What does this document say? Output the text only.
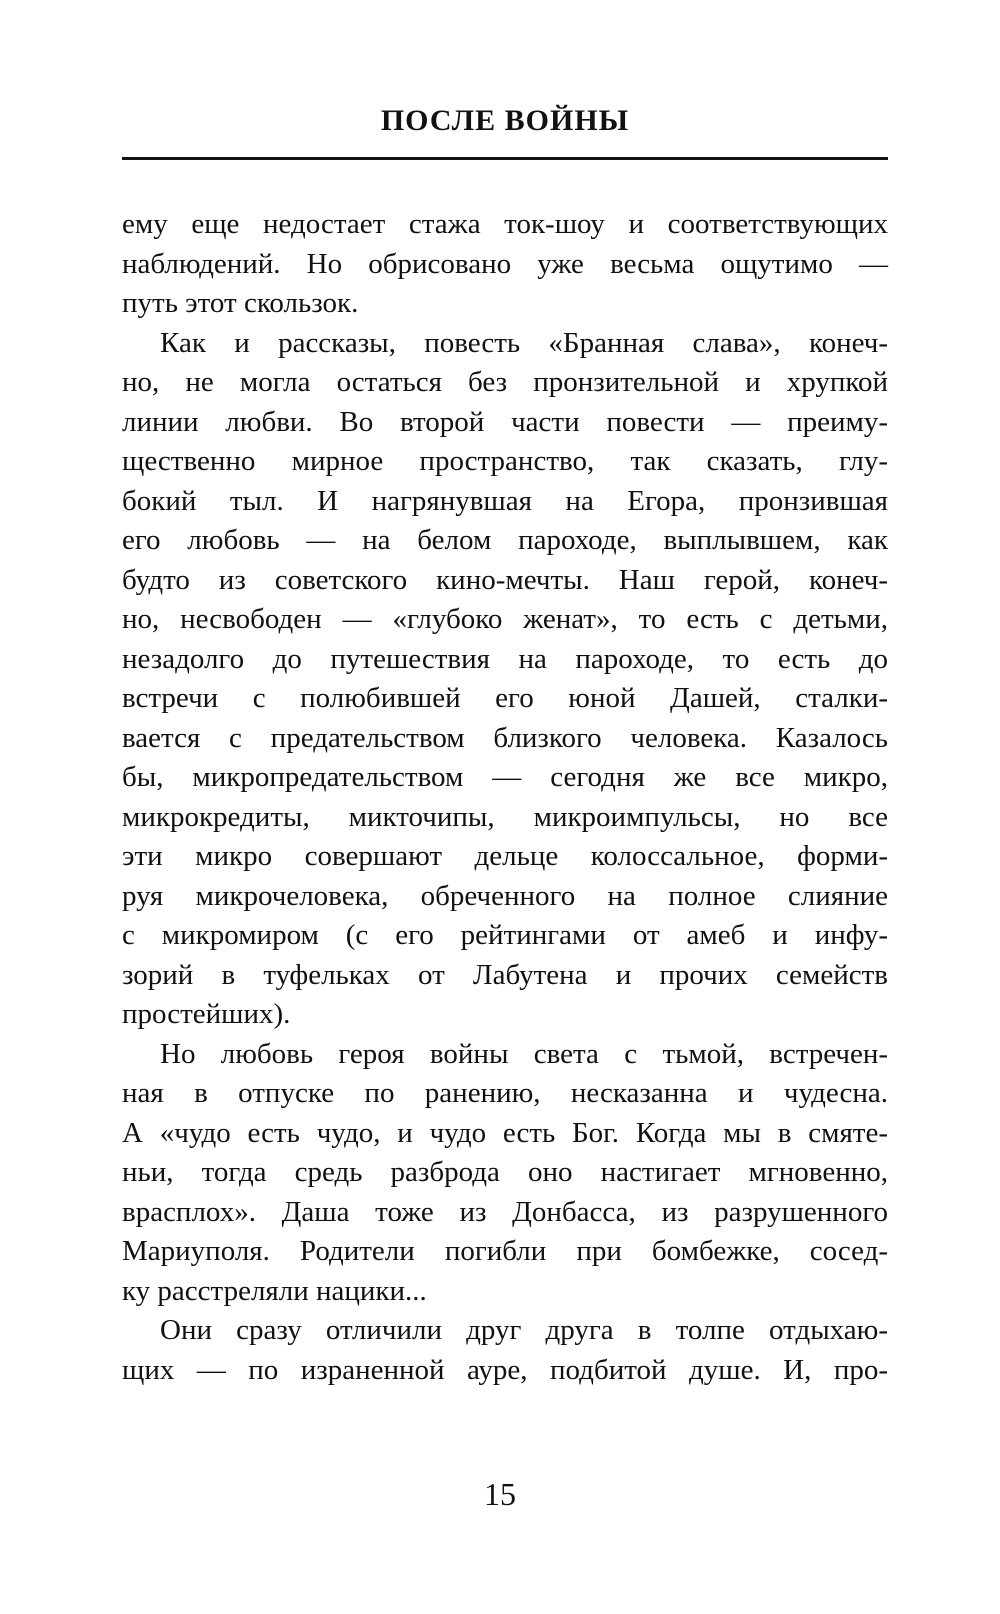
ПОСЛЕ ВОЙНЫ
ему еще недостает стажа ток-шоу и соответствующих
наблюдений. Но обрисовано уже весьма ощутимо —
путь этот скользок.
Как и рассказы, повесть «Бранная слава», конеч-
но, не могла остаться без пронзительной и хрупкой
линии любви. Во второй части повести — преиму-
щественно мирное пространство, так сказать, глу-
бокий тыл. И нагрянувшая на Егора, пронзившая
его любовь — на белом пароходе, выплывшем, как
будто из советского кино-мечты. Наш герой, конеч-
но, несвободен — «глубоко женат», то есть с детьми,
незадолго до путешествия на пароходе, то есть до
встречи с полюбившей его юной Дашей, сталки-
вается с предательством близкого человека. Казалось
бы, микропредательством — сегодня же все микро,
микрокредиты, микточипы, микроимпульсы, но все
эти микро совершают дельце колоссальное, форми-
руя микрочеловека, обреченного на полное слияние
с микромиром (с его рейтингами от амеб и инфу-
зорий в туфельках от Лабутена и прочих семейств
простейших).
Но любовь героя войны света с тьмой, встречен-
ная в отпуске по ранению, несказанна и чудесна.
А «чудо есть чудо, и чудо есть Бог. Когда мы в смяте-
ньи, тогда средь разброда оно настигает мгновенно,
врасплох». Даша тоже из Донбасса, из разрушенного
Мариуполя. Родители погибли при бомбежке, сосед-
ку расстреляли нацики...
Они сразу отличили друг друга в толпе отдыхаю-
щих — по израненной ауре, подбитой душе. И, про-
15
